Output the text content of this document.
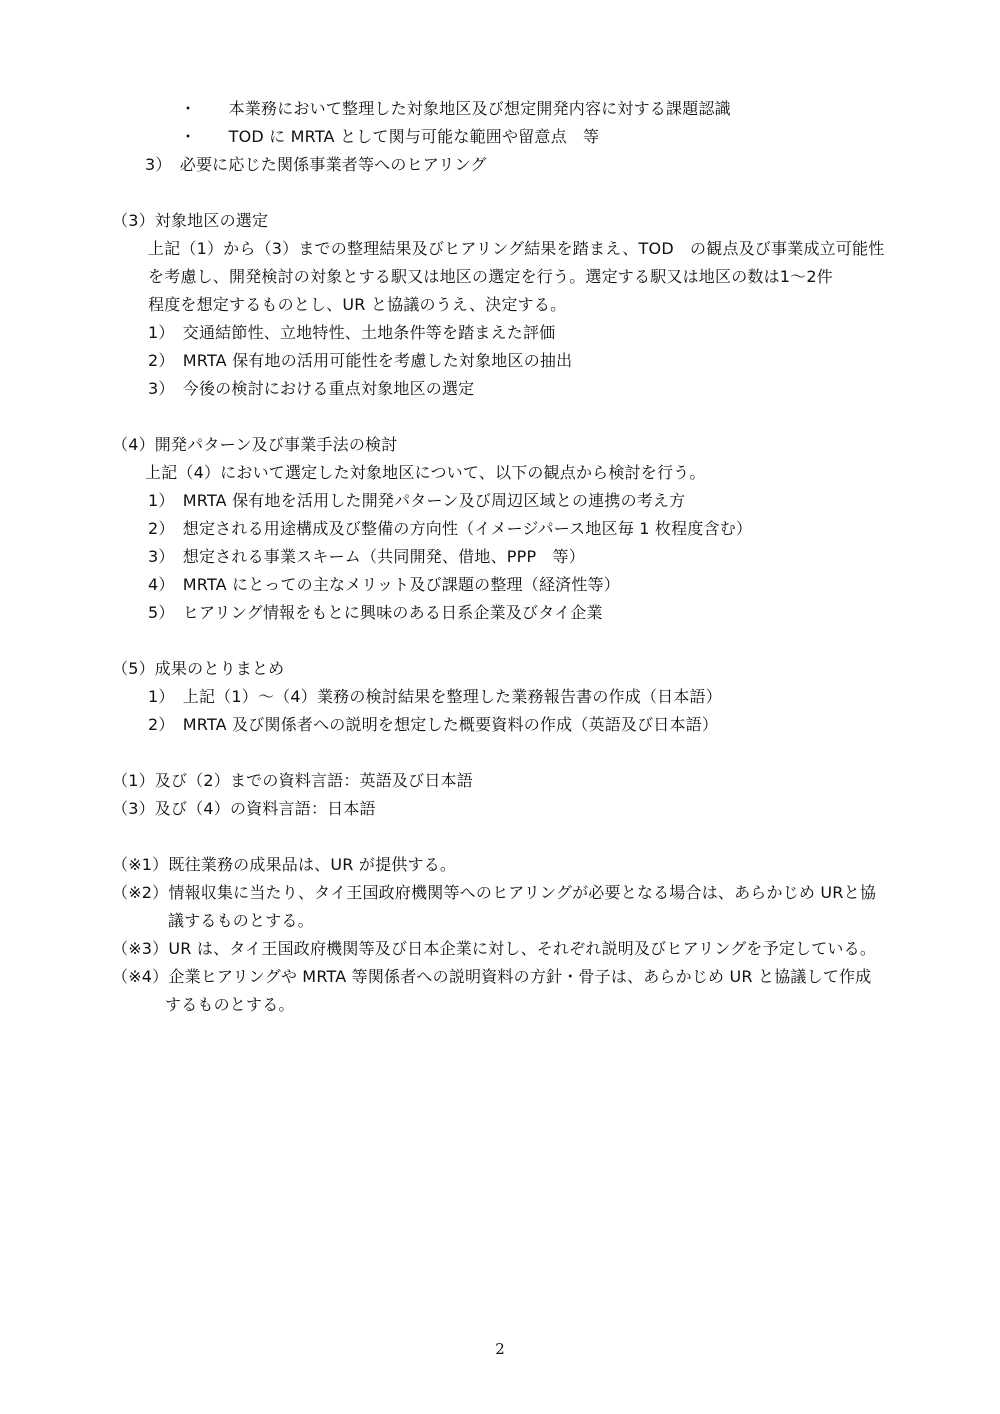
・　　本業務において整理した対象地区及び想定開発内容に対する課題認識
・　　TOD に MRTA として関与可能な範囲や留意点　等
3）　必要に応じた関係事業者等へのヒアリング
（3）対象地区の選定
上記（1）から（3）までの整理結果及びヒアリング結果を踏まえ、TOD　の観点及び事業成立可能性
を考慮し、開発検討の対象とする駅又は地区の選定を行う。選定する駅又は地区の数は1～2件
程度を想定するものとし、UR と協議のうえ、決定する。
1）　交通結節性、立地特性、土地条件等を踏まえた評価
2）　MRTA 保有地の活用可能性を考慮した対象地区の抽出
3）　今後の検討における重点対象地区の選定
（4）開発パターン及び事業手法の検討
上記（4）において選定した対象地区について、以下の観点から検討を行う。
1）　MRTA 保有地を活用した開発パターン及び周辺区域との連携の考え方
2）　想定される用途構成及び整備の方向性（イメージパース地区毎 1 枚程度含む）
3）　想定される事業スキーム（共同開発、借地、PPP　等）
4）　MRTA にとっての主なメリット及び課題の整理（経済性等）
5）　ヒアリング情報をもとに興味のある日系企業及びタイ企業
（5）成果のとりまとめ
1）　上記（1）～（4）業務の検討結果を整理した業務報告書の作成（日本語）
2）　MRTA 及び関係者への説明を想定した概要資料の作成（英語及び日本語）
（1）及び（2）までの資料言語：英語及び日本語
（3）及び（4）の資料言語：日本語
（※1）既往業務の成果品は、UR が提供する。
（※2）情報収集に当たり、タイ王国政府機関等へのヒアリングが必要となる場合は、あらかじめ URと協
議するものとする。
（※3）UR は、タイ王国政府機関等及び日本企業に対し、それぞれ説明及びヒアリングを予定している。
（※4）企業ヒアリングや MRTA 等関係者への説明資料の方針・骨子は、あらかじめ UR と協議して作成
するものとする。
2
